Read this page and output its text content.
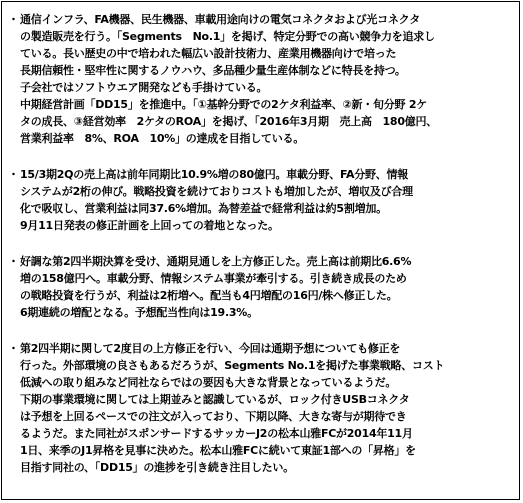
・ 通信インフラ、FA機器、民生機器、車載用途向けの電気コネクタおよび光コネクタ
の製造販売を行う。「Segments　No.1」を掲げ、特定分野での高い競争力を追求し
ている。長い歴史の中で培われた幅広い設計技術力、産業用機器向けで培った
長期信頼性・堅牢性に関するノウハウ、多品種少量生産体制などに特長を持つ。
子会社ではソフトウエア開発なども手掛けている。
中期経営計画「DD15」を推進中。「①基幹分野での2ケタ利益率、②新・旬分野 2ケ
タの成長、③経営効率　2ケタのROA」を掲げ、「2016年3月期　売上高　180億円、
営業利益率　8%、ROA　10%」の達成を目指している。
・ 15/3期2Qの売上高は前年同期比10.9%増の80億円。車載分野、FA分野、情報
システムが2桁の伸び。戦略投資を続けておりコストも増加したが、増収及び合理
化で吸収し、営業利益は同37.6%増加。為替差益で経常利益は約5割増加。
9月11日発表の修正計画を上回っての着地となった。
・ 好調な第2四半期決算を受け、通期見通しを上方修正した。売上高は前期比6.6%
増の158億円へ。車載分野、情報システム事業が牽引する。引き続き成長のため
の戦略投資を行うが、利益は2桁増へ。配当も4円増配の16円/株へ修正した。
6期連続の増配となる。予想配当性向は19.3%。
・ 第2四半期に関して2度目の上方修正を行い、今回は通期予想についても修正を
行った。外部環境の良さもあるだろうが、Segments No.1を掲げた事業戦略、コスト
低減への取り組みなど同社ならではの要因も大きな背景となっているようだ。
下期の事業環境に関しては上期並みと認識しているが、ロック付きUSBコネクタ
は予想を上回るペースでの注文が入っており、下期以降、大きな寄与が期待でき
るようだ。また同社がスポンサードするサッカーJ2の松本山雅FCが2014年11月
1日、来季のJ1昇格を見事に決めた。松本山雅FCに続いて東証1部への「昇格」を
目指す同社の、「DD15」の進捗を引き続き注目したい。
